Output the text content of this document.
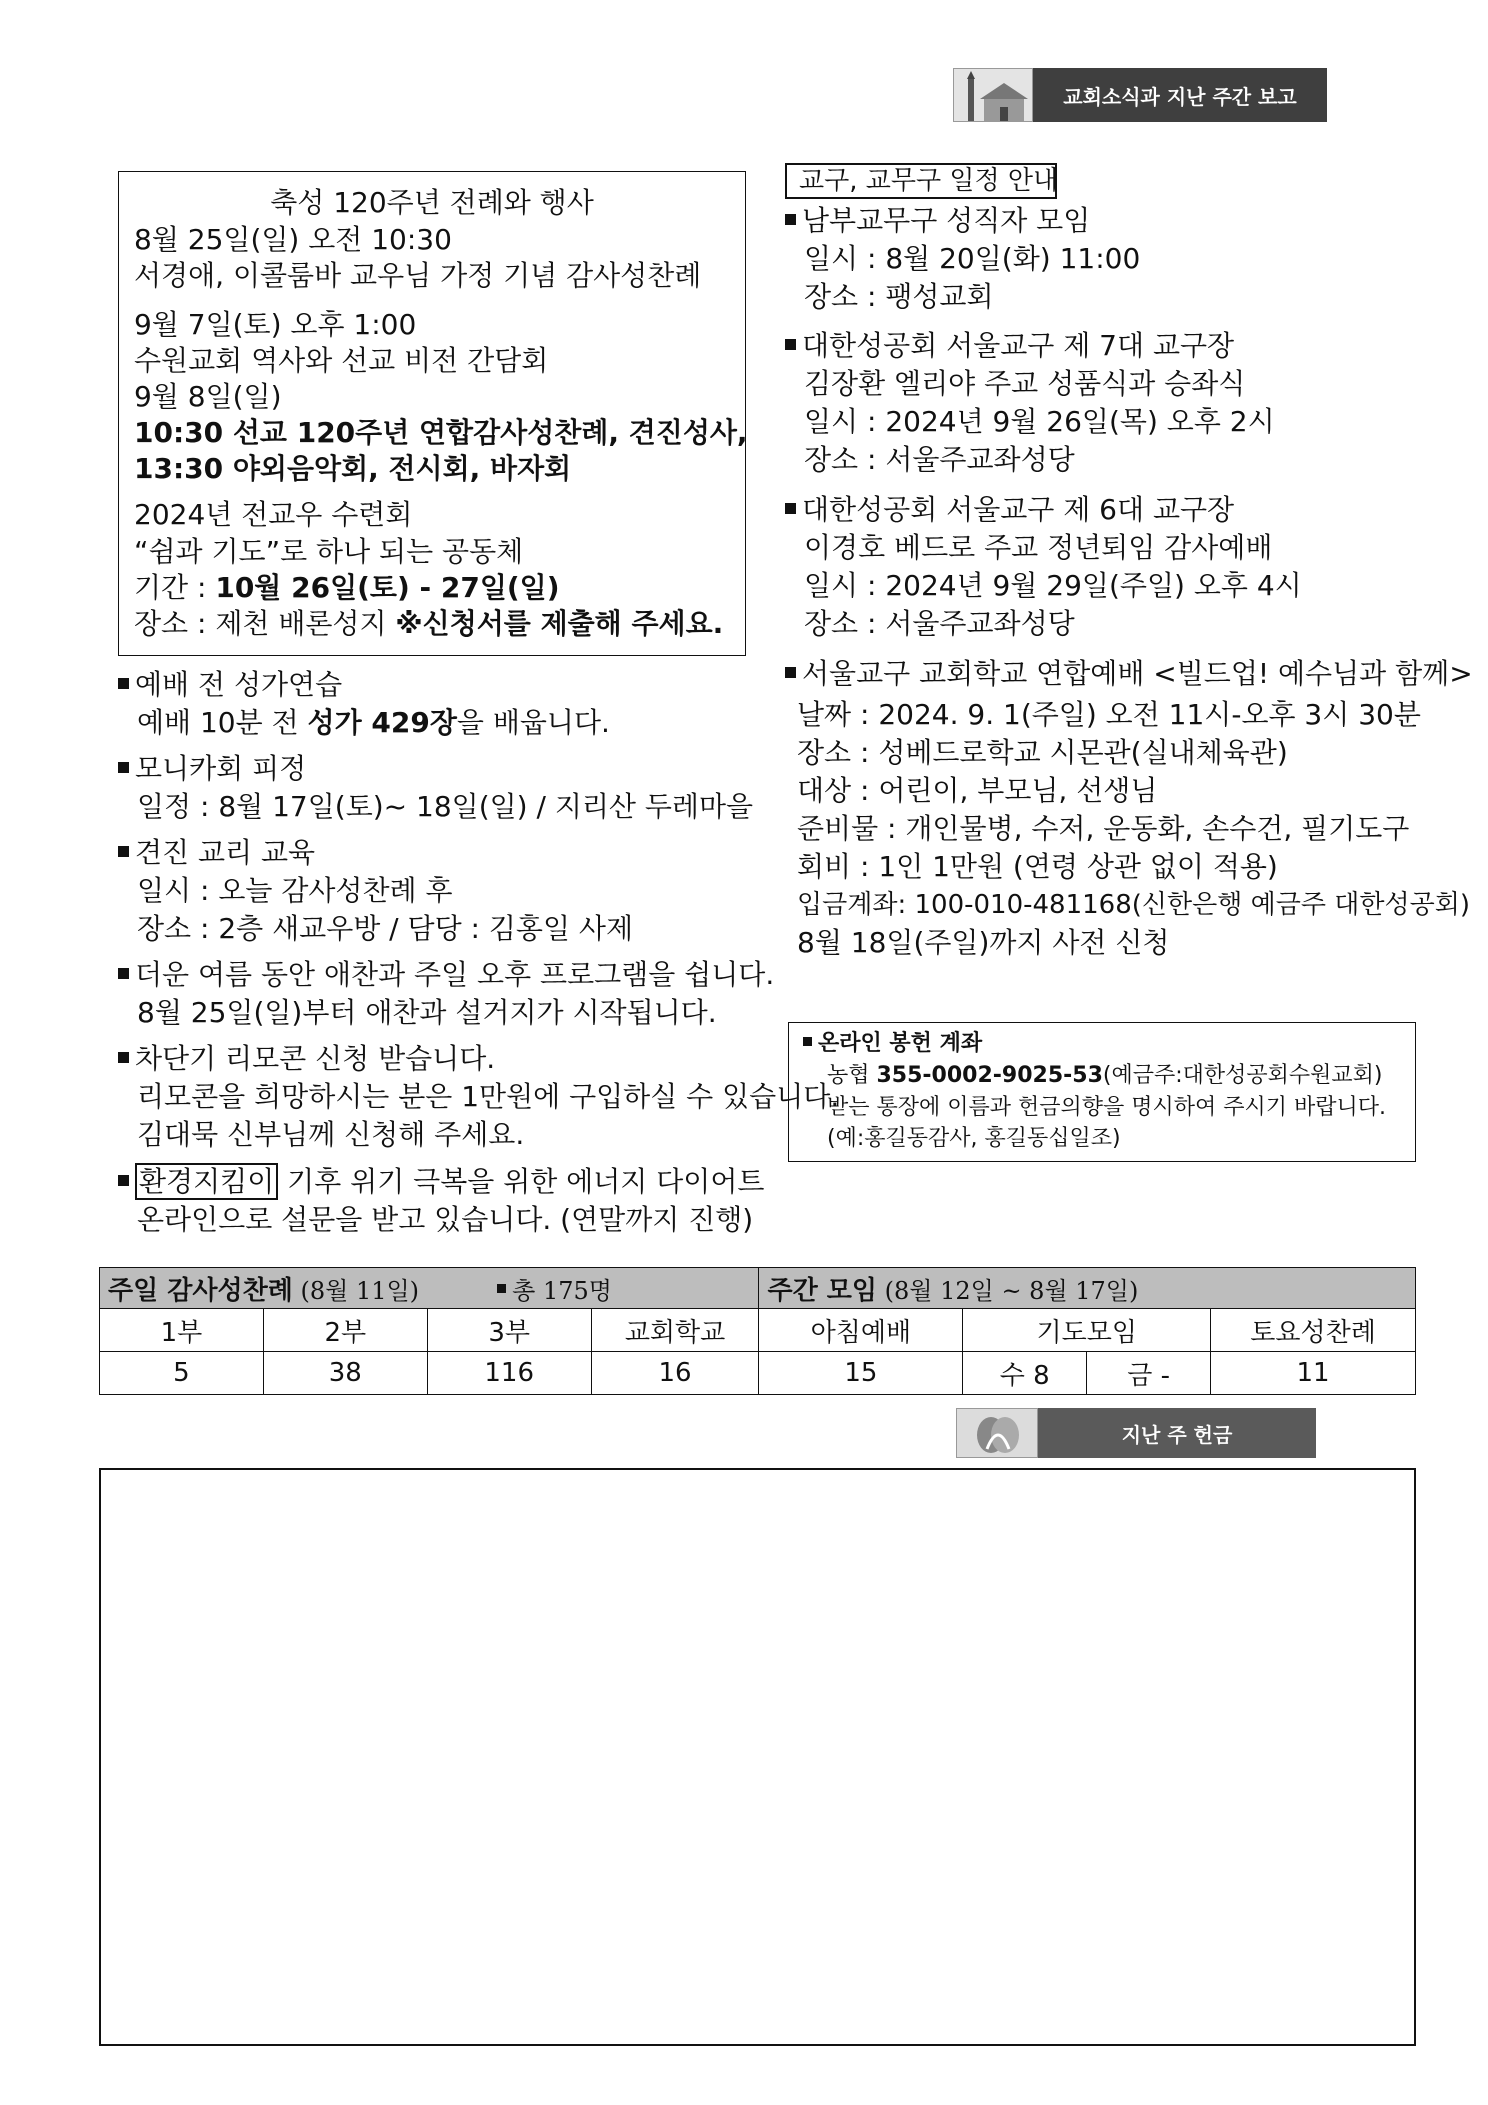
교회소식과 지난 주간 보고
축성 120주년 전례와 행사
8월 25일(일) 오전 10:30
서경애, 이콜룸바 교우님 가정 기념 감사성찬례
9월 7일(토) 오후 1:00
수원교회 역사와 선교 비전 간담회
9월 8일(일)
10:30 선교 120주년 연합감사성찬례, 견진성사,
13:30 야외음악회, 전시회, 바자회
2024년 전교우 수련회
“쉼과 기도”로 하나 되는 공동체
기간 : 10월 26일(토) - 27일(일)
장소 : 제천 배론성지 ※신청서를 제출해 주세요.
예배 전 성가연습
예배 10분 전 성가 429장을 배웁니다.
모니카회 피정
일정 : 8월 17일(토)~ 18일(일) / 지리산 두레마을
견진 교리 교육
일시 : 오늘 감사성찬례 후
장소 : 2층 새교우방 / 담당 : 김홍일 사제
더운 여름 동안 애찬과 주일 오후 프로그램을 쉽니다.
8월 25일(일)부터 애찬과 설거지가 시작됩니다.
차단기 리모콘 신청 받습니다.
리모콘을 희망하시는 분은 1만원에 구입하실 수 있습니다.
김대묵 신부님께 신청해 주세요.
환경지킴이 기후 위기 극복을 위한 에너지 다이어트
온라인으로 설문을 받고 있습니다. (연말까지 진행)
교구, 교무구 일정 안내
남부교무구 성직자 모임
일시 : 8월 20일(화) 11:00
장소 : 팽성교회
대한성공회 서울교구 제 7대 교구장
김장환 엘리야 주교 성품식과 승좌식
일시 : 2024년 9월 26일(목) 오후 2시
장소 : 서울주교좌성당
대한성공회 서울교구 제 6대 교구장
이경호 베드로 주교 정년퇴임 감사예배
일시 : 2024년 9월 29일(주일) 오후 4시
장소 : 서울주교좌성당
서울교구 교회학교 연합예배 <빌드업! 예수님과 함께>
날짜 : 2024. 9. 1(주일) 오전 11시-오후 3시 30분
장소 : 성베드로학교 시몬관(실내체육관)
대상 : 어린이, 부모님, 선생님
준비물 : 개인물병, 수저, 운동화, 손수건, 필기도구
회비 : 1인 1만원 (연령 상관 없이 적용)
입금계좌: 100-010-481168(신한은행 예금주 대한성공회)
8월 18일(주일)까지 사전 신청
온라인 봉헌 계좌
농협 355-0002-9025-53(예금주:대한성공회수원교회)
받는 통장에 이름과 헌금의향을 명시하여 주시기 바랍니다.
(예:홍길동감사, 홍길동십일조)
주일 감사성찬례 (8월 11일) 총 175명				주간 모임 (8월 12일 ~ 8월 17일)			
1부	2부	3부	교회학교	아침예배	기도모임		토요성찬례
5	38	116	16	15	수 8	금 -	11
지난 주 헌금
